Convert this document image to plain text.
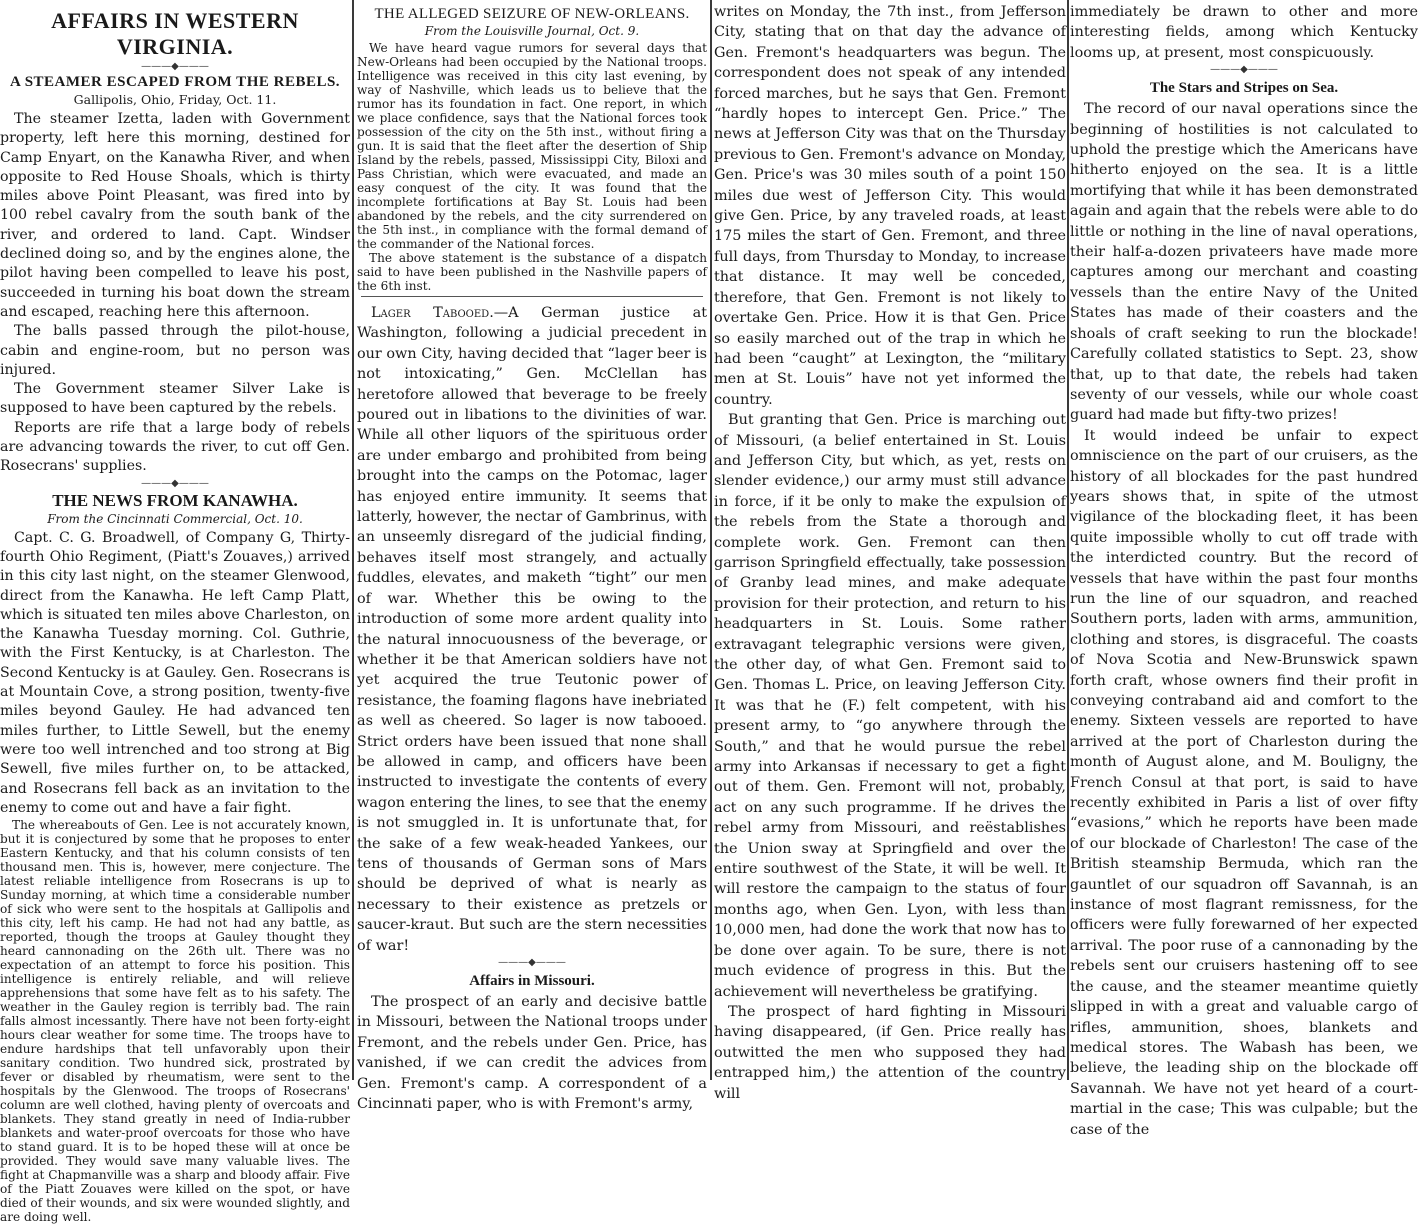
AFFAIRS IN WESTERN VIRGINIA.
———◆———
A STEAMER ESCAPED FROM THE REBELS.
Gallipolis, Ohio, Friday, Oct. 11.

The steamer Izetta, laden with Government property, left here this morning, destined for Camp Enyart, on the Kanawha River, and when opposite to Red House Shoals, which is thirty miles above Point Pleasant, was fired into by 100 rebel cavalry from the south bank of the river, and ordered to land. Capt. Windser declined doing so, and by the engines alone, the pilot having been compelled to leave his post, succeeded in turning his boat down the stream and escaped, reaching here this afternoon.

The balls passed through the pilot-house, cabin and engine-room, but no person was injured.

The Government steamer Silver Lake is supposed to have been captured by the rebels.

Reports are rife that a large body of rebels are advancing towards the river, to cut off Gen. Rosecrans' supplies.

———◆———
THE NEWS FROM KANAWHA.
From the Cincinnati Commercial, Oct. 10.

Capt. C. G. Broadwell, of Company G, Thirty-fourth Ohio Regiment, (Piatt's Zouaves,) arrived in this city last night, on the steamer Glenwood, direct from the Kanawha. He left Camp Platt, which is situated ten miles above Charleston, on the Kanawha Tuesday morning. Col. Guthrie, with the First Kentucky, is at Charleston. The Second Kentucky is at Gauley. Gen. Rosecrans is at Mountain Cove, a strong position, twenty-five miles beyond Gauley. He had advanced ten miles further, to Little Sewell, but the enemy were too well intrenched and too strong at Big Sewell, five miles further on, to be attacked, and Rosecrans fell back as an invitation to the enemy to come out and have a fair fight.

The whereabouts of Gen. Lee is not accurately known, but it is conjectured by some that he proposes to enter Eastern Kentucky, and that his column consists of ten thousand men. This is, however, mere conjecture. The latest reliable intelligence from Rosecrans is up to Sunday morning, at which time a considerable number of sick who were sent to the hospitals at Gallipolis and this city, left his camp. He had not had any battle, as reported, though the troops at Gauley thought they heard cannonading on the 26th ult. There was no expectation of an attempt to force his position. This intelligence is entirely reliable, and will relieve apprehensions that some have felt as to his safety. The weather in the Gauley region is terribly bad. The rain falls almost incessantly. There have not been forty-eight hours clear weather for some time. The troops have to endure hardships that tell unfavorably upon their sanitary condition. Two hundred sick, prostrated by fever or disabled by rheumatism, were sent to the hospitals by the Glenwood. The troops of Rosecrans' column are well clothed, having plenty of overcoats and blankets. They stand greatly in need of India-rubber blankets and water-proof overcoats for those who have to stand guard. It is to be hoped these will at once be provided. They would save many valuable lives. The fight at Chapmanville was a sharp and bloody affair. Five of the Piatt Zouaves were killed on the spot, or have died of their wounds, and six were wounded slightly, and are doing well.

THE ALLEGED SEIZURE OF NEW-ORLEANS.
From the Louisville Journal, Oct. 9.

We have heard vague rumors for several days that New-Orleans had been occupied by the National troops. Intelligence was received in this city last evening, by way of Nashville, which leads us to believe that the rumor has its foundation in fact. One report, in which we place confidence, says that the National forces took possession of the city on the 5th inst., without firing a gun. It is said that the fleet after the desertion of Ship Island by the rebels, passed, Mississippi City, Biloxi and Pass Christian, which were evacuated, and made an easy conquest of the city. It was found that the incomplete fortifications at Bay St. Louis had been abandoned by the rebels, and the city surrendered on the 5th inst., in compliance with the formal demand of the commander of the National forces.

The above statement is the substance of a dispatch said to have been published in the Nashville papers of the 6th inst.

Lager Tabooed.—A German justice at Washington, following a judicial precedent in our own City, having decided that “lager beer is not intoxicating,” Gen. McClellan has heretofore allowed that beverage to be freely poured out in libations to the divinities of war. While all other liquors of the spirituous order are under embargo and prohibited from being brought into the camps on the Potomac, lager has enjoyed entire immunity. It seems that latterly, however, the nectar of Gambrinus, with an unseemly disregard of the judicial finding, behaves itself most strangely, and actually fuddles, elevates, and maketh “tight” our men of war. Whether this be owing to the introduction of some more ardent quality into the natural innocuousness of the beverage, or whether it be that American soldiers have not yet acquired the true Teutonic power of resistance, the foaming flagons have inebriated as well as cheered. So lager is now tabooed. Strict orders have been issued that none shall be allowed in camp, and officers have been instructed to investigate the contents of every wagon entering the lines, to see that the enemy is not smuggled in. It is unfortunate that, for the sake of a few weak-headed Yankees, our tens of thousands of German sons of Mars should be deprived of what is nearly as necessary to their existence as pretzels or saucer-kraut. But such are the stern necessities of war!

———◆———
Affairs in Missouri.

The prospect of an early and decisive battle in Missouri, between the National troops under Fremont, and the rebels under Gen. Price, has vanished, if we can credit the advices from Gen. Fremont's camp. A correspondent of a Cincinnati paper, who is with Fremont's army,

writes on Monday, the 7th inst., from Jefferson City, stating that on that day the advance of Gen. Fremont's headquarters was begun. The correspondent does not speak of any intended forced marches, but he says that Gen. Fremont “hardly hopes to intercept Gen. Price.” The news at Jefferson City was that on the Thursday previous to Gen. Fremont's advance on Monday, Gen. Price's was 30 miles south of a point 150 miles due west of Jefferson City. This would give Gen. Price, by any traveled roads, at least 175 miles the start of Gen. Fremont, and three full days, from Thursday to Monday, to increase that distance. It may well be conceded, therefore, that Gen. Fremont is not likely to overtake Gen. Price. How it is that Gen. Price so easily marched out of the trap in which he had been “caught” at Lexington, the “military men at St. Louis” have not yet informed the country.

But granting that Gen. Price is marching out of Missouri, (a belief entertained in St. Louis and Jefferson City, but which, as yet, rests on slender evidence,) our army must still advance in force, if it be only to make the expulsion of the rebels from the State a thorough and complete work. Gen. Fremont can then garrison Springfield effectually, take possession of Granby lead mines, and make adequate provision for their protection, and return to his headquarters in St. Louis. Some rather extravagant telegraphic versions were given, the other day, of what Gen. Fremont said to Gen. Thomas L. Price, on leaving Jefferson City. It was that he (F.) felt competent, with his present army, to “go anywhere through the South,” and that he would pursue the rebel army into Arkansas if necessary to get a fight out of them. Gen. Fremont will not, probably, act on any such programme. If he drives the rebel army from Missouri, and reëstablishes the Union sway at Springfield and over the entire southwest of the State, it will be well. It will restore the campaign to the status of four months ago, when Gen. Lyon, with less than 10,000 men, had done the work that now has to be done over again. To be sure, there is not much evidence of progress in this. But the achievement will nevertheless be gratifying.

The prospect of hard fighting in Missouri having disappeared, (if Gen. Price really has outwitted the men who supposed they had entrapped him,) the attention of the country will

immediately be drawn to other and more interesting fields, among which Kentucky looms up, at present, most conspicuously.

———◆———
The Stars and Stripes on Sea.

The record of our naval operations since the beginning of hostilities is not calculated to uphold the prestige which the Americans have hitherto enjoyed on the sea. It is a little mortifying that while it has been demonstrated again and again that the rebels were able to do little or nothing in the line of naval operations, their half-a-dozen privateers have made more captures among our merchant and coasting vessels than the entire Navy of the United States has made of their coasters and the shoals of craft seeking to run the blockade! Carefully collated statistics to Sept. 23, show that, up to that date, the rebels had taken seventy of our vessels, while our whole coast guard had made but fifty-two prizes!

It would indeed be unfair to expect omniscience on the part of our cruisers, as the history of all blockades for the past hundred years shows that, in spite of the utmost vigilance of the blockading fleet, it has been quite impossible wholly to cut off trade with the interdicted country. But the record of vessels that have within the past four months run the line of our squadron, and reached Southern ports, laden with arms, ammunition, clothing and stores, is disgraceful. The coasts of Nova Scotia and New-Brunswick spawn forth craft, whose owners find their profit in conveying contraband aid and comfort to the enemy. Sixteen vessels are reported to have arrived at the port of Charleston during the month of August alone, and M. Bouligny, the French Consul at that port, is said to have recently exhibited in Paris a list of over fifty “evasions,” which he reports have been made of our blockade of Charleston! The case of the British steamship Bermuda, which ran the gauntlet of our squadron off Savannah, is an instance of most flagrant remissness, for the officers were fully forewarned of her expected arrival. The poor ruse of a cannonading by the rebels sent our cruisers hastening off to see the cause, and the steamer meantime quietly slipped in with a great and valuable cargo of rifles, ammunition, shoes, blankets and medical stores. The Wabash has been, we believe, the leading ship on the blockade off Savannah. We have not yet heard of a court-martial in the case; This was culpable; but the case of the
